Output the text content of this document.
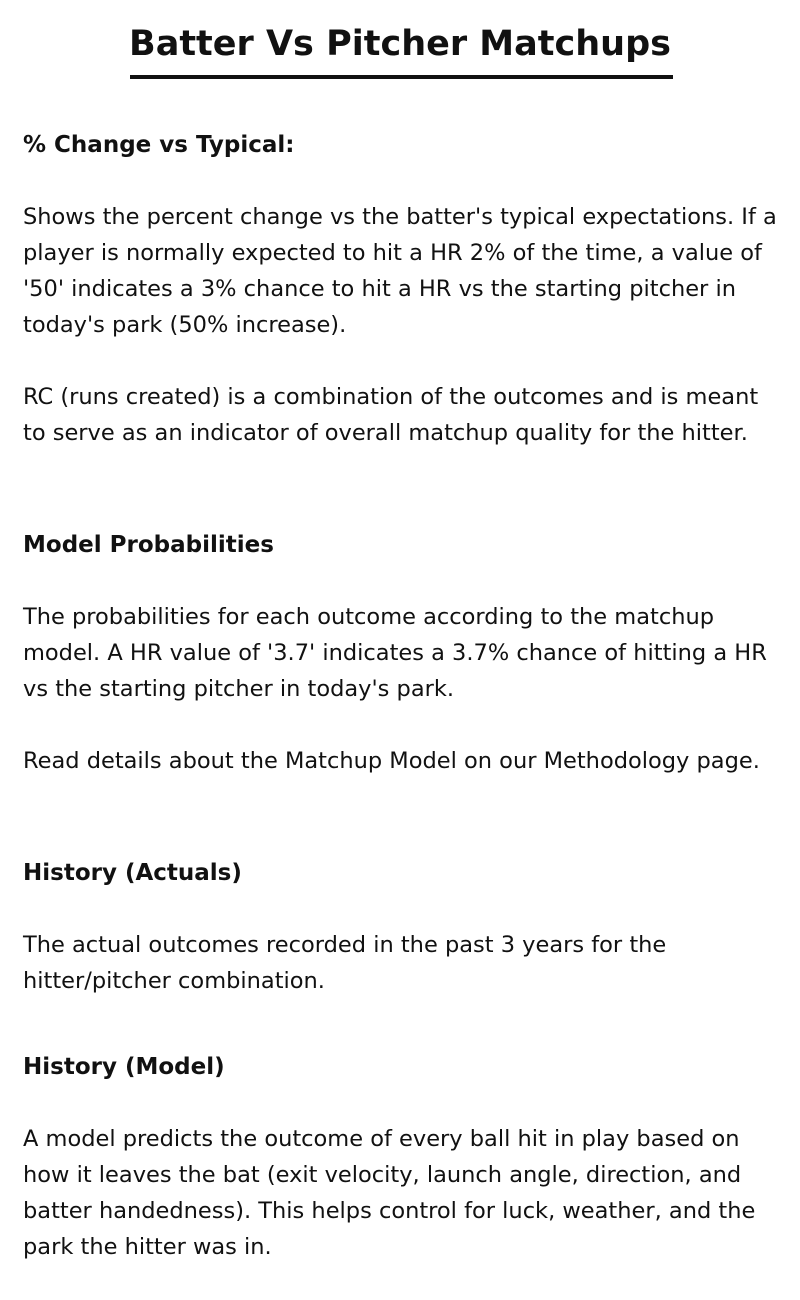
Batter Vs Pitcher Matchups
% Change vs Typical:

Shows the percent change vs the batter's typical expectations. If a player is normally expected to hit a HR 2% of the time, a value of '50' indicates a 3% chance to hit a HR vs the starting pitcher in today's park (50% increase).

RC (runs created) is a combination of the outcomes and is meant to serve as an indicator of overall matchup quality for the hitter.

Model Probabilities

The probabilities for each outcome according to the matchup model. A HR value of '3.7' indicates a 3.7% chance of hitting a HR vs the starting pitcher in today's park.

Read details about the Matchup Model on our Methodology page.

History (Actuals)

The actual outcomes recorded in the past 3 years for the hitter/pitcher combination.

History (Model)

A model predicts the outcome of every ball hit in play based on how it leaves the bat (exit velocity, launch angle, direction, and batter handedness). This helps control for luck, weather, and the park the hitter was in.
